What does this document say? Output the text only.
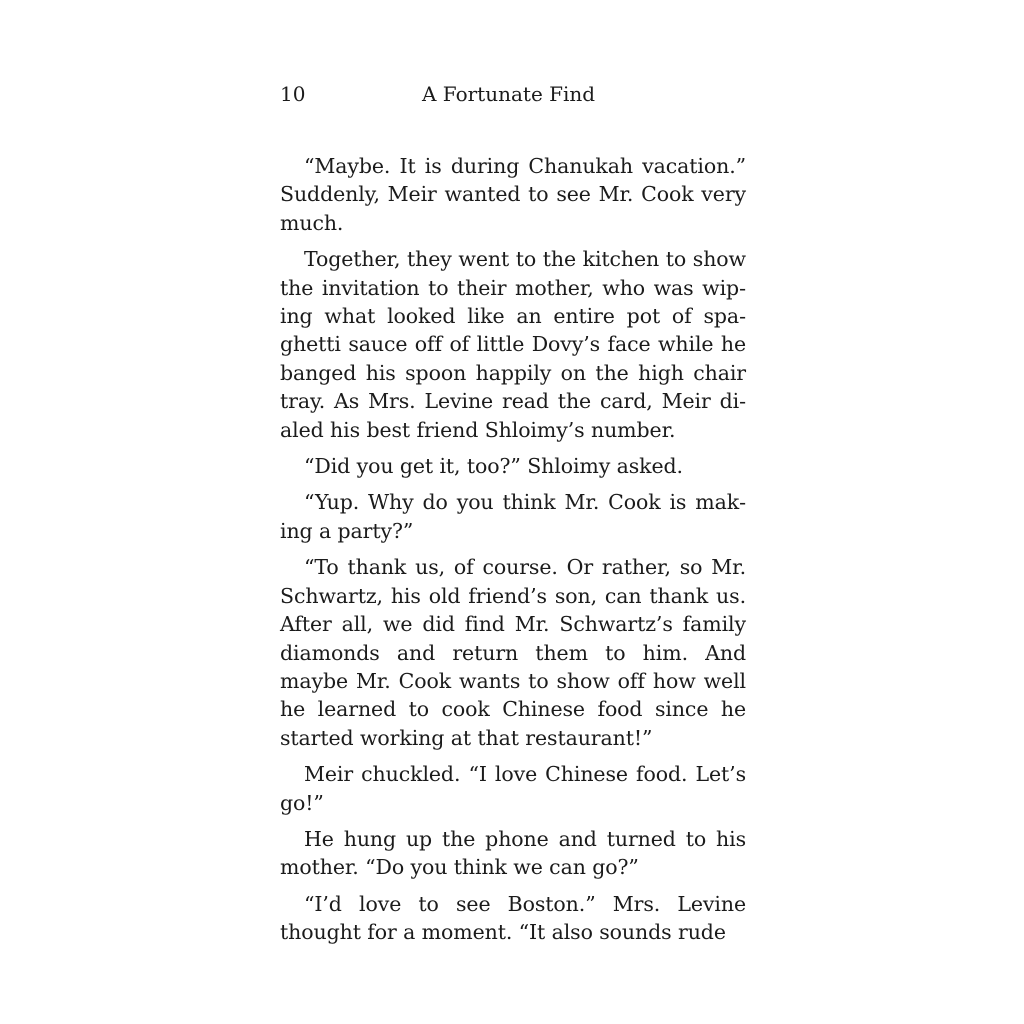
10	A Fortunate Find

“Maybe. It is during Chanukah vacation.” Suddenly, Meir wanted to see Mr. Cook very much.

Together, they went to the kitchen to show the invitation to their mother, who was wiping what looked like an entire pot of spaghetti sauce off of little Dovy’s face while he banged his spoon happily on the high chair tray. As Mrs. Levine read the card, Meir dialed his best friend Shloimy’s number.

“Did you get it, too?” Shloimy asked.

“Yup. Why do you think Mr. Cook is making a party?”

“To thank us, of course. Or rather, so Mr. Schwartz, his old friend’s son, can thank us. After all, we did find Mr. Schwartz’s family diamonds and return them to him. And maybe Mr. Cook wants to show off how well he learned to cook Chinese food since he started working at that restaurant!”

Meir chuckled. “I love Chinese food. Let’s go!”

He hung up the phone and turned to his mother. “Do you think we can go?”

“I’d love to see Boston.” Mrs. Levine thought for a moment. “It also sounds rude
